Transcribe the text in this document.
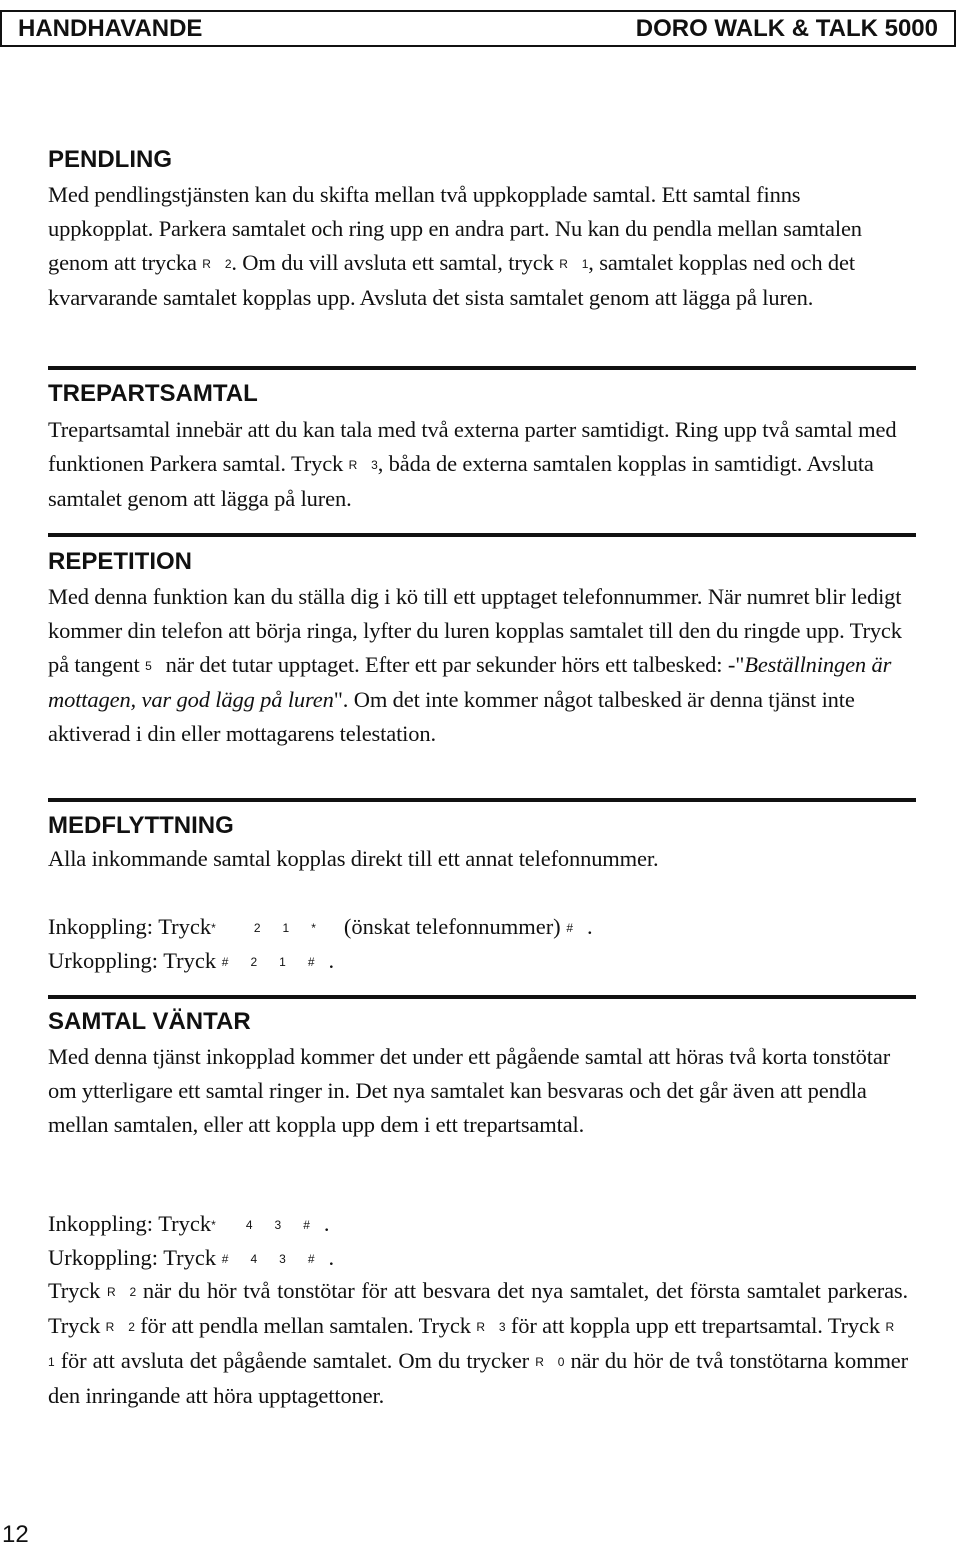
HANDHAVANDE	DORO WALK & TALK 5000
PENDLING

Med pendlingstjänsten kan du skifta mellan två uppkopplade samtal. Ett samtal finns uppkopplat. Parkera samtalet och ring upp en andra part. Nu kan du pendla mellan samtalen genom att trycka R 2. Om du vill avsluta ett samtal, tryck R 1, samtalet kopplas ned och det kvarvarande samtalet kopplas upp. Avsluta det sista samtalet genom att lägga på luren.

TREPARTSAMTAL

Trepartsamtal innebär att du kan tala med två externa parter samtidigt. Ring upp två samtal med funktionen Parkera samtal. Tryck R 3, båda de externa samtalen kopplas in samtidigt. Avsluta samtalet genom att lägga på luren.

REPETITION

Med denna funktion kan du ställa dig i kö till ett upptaget telefonnummer. När numret blir ledigt kommer din telefon att börja ringa, lyfter du luren kopplas samtalet till den du ringde upp. Tryck på tangent 5 när det tutar upptaget. Efter ett par sekunder hörs ett talbesked: -"Beställningen är mottagen, var god lägg på luren". Om det inte kommer något talbesked är denna tjänst inte aktiverad i din eller mottagarens telestation.

MEDFLYTTNING

Alla inkommande samtal kopplas direkt till ett annat telefonnummer.

Inkoppling: Tryck*	2 1 * (önskat telefonnummer) # .

Urkoppling: Tryck # 2 1 # .

SAMTAL VÄNTAR

Med denna tjänst inkopplad kommer det under ett pågående samtal att höras två korta tonstötar om ytterligare ett samtal ringer in. Det nya samtalet kan besvaras och det går även att pendla mellan samtalen, eller att koppla upp dem i ett trepartsamtal.

Inkoppling: Tryck*	4 3 # .

Urkoppling: Tryck # 4 3 # .

Tryck R 2 när du hör två tonstötar för att besvara det nya samtalet, det första samtalet parkeras. Tryck R 2 för att pendla mellan samtalen. Tryck R 3 för att koppla upp ett trepartsamtal. Tryck R1 för att avsluta det pågående samtalet. Om du trycker R 0 när du hör de två tonstötarna kommer den inringande att höra upptagettoner.

12
